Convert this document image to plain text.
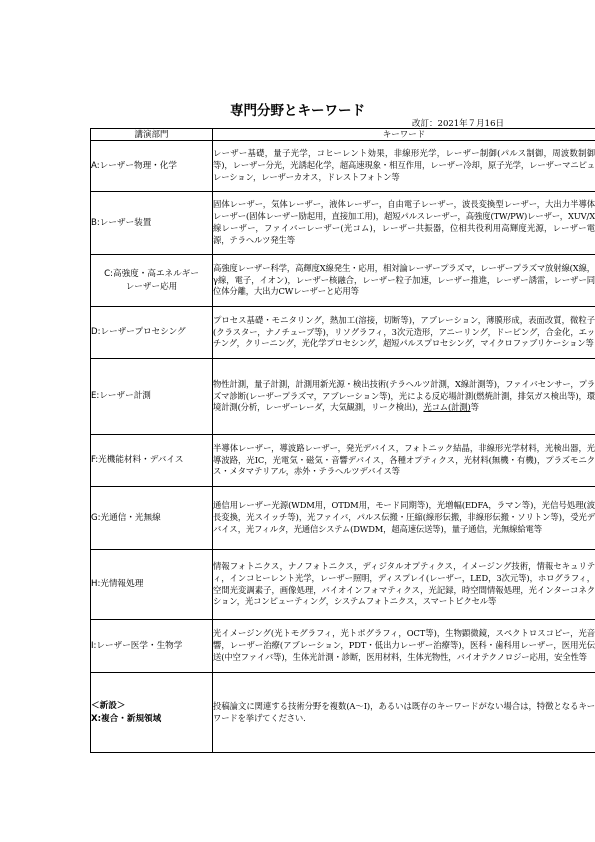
専門分野とキーワード
改訂：2021年７月16日
講演部門	キーワード

A:レーザー物理・化学	レーザー基礎，量子光学，コヒーレント効果，非線形光学，レーザー制御(パルス制御，周波数制御等)，レーザー分光，光誘起化学，超高速現象・相互作用，レーザー冷却，原子光学，レーザーマニピュレーション，レーザーカオス，ドレストフォトン等

B:レーザー装置	固体レーザー，気体レーザー，液体レーザー，自由電子レーザー，波長変換型レーザー，大出力半導体レーザー(固体レーザー励起用，直接加工用)，超短パルスレーザー，高強度(TW/PW)レーザー，XUV/X線レーザー，ファイバーレーザー(光コム)，レーザー共振器，位相共役利用高輝度光源，レーザー電源，テラヘルツ発生等

C:高強度・高エネルギー
レーザー応用	高強度レーザー科学，高輝度X線発生・応用，相対論レーザープラズマ，レーザープラズマ放射線(X線，γ線，電子，イオン)，レーザー核融合，レーザー粒子加速，レーザー推進，レーザー誘雷，レーザー同位体分離，大出力CWレーザーと応用等

D:レーザープロセシング	プロセス基礎・モニタリング，熱加工(溶接，切断等)，アブレーション，薄膜形成，表面改質，微粒子(クラスター，ナノチューブ等)，リソグラフィ，3次元造形，アニーリング，ドーピング，合金化，エッチング，クリーニング，光化学プロセシング，超短パルスプロセシング，マイクロファブリケーション等

E:レーザー計測	物性計測，量子計測，計測用新光源・検出技術(テラヘルツ計測，X線計測等)，ファイバセンサー，プラズマ診断(レーザープラズマ，アブレーション等)，光による反応場計測(燃焼計測，排気ガス検出等)，環境計測(分析，レーザーレーダ，大気観測，リーク検出)，光コム(計測)等

F:光機能材料・デバイス	半導体レーザー，導波路レーザー，発光デバイス，フォトニック結晶，非線形光学材料，光検出器，光導波路，光IC，光電気・磁気・音響デバイス，各種オプティクス，光材料(無機・有機)，プラズモニクス・メタマテリアル，赤外・テラヘルツデバイス等

G:光通信・光無線	通信用レーザー光源(WDM用，OTDM用，モード同期等)，光増幅(EDFA，ラマン等)，光信号処理(波長変換，光スイッチ等)，光ファイバ，パルス伝搬・圧縮(線形伝搬，非線形伝搬・ソリトン等)，受光デバイス，光フィルタ，光通信システム(DWDM，超高速伝送等)，量子通信，光無線給電等

H:光情報処理	情報フォトニクス，ナノフォトニクス，ディジタルオプティクス，イメージング技術，情報セキュリティ，インコヒーレント光学，レーザー照明，ディスプレイ(レーザー，LED，3次元等)，ホログラフィ，空間光変調素子，画像処理，バイオインフォマティクス，光記録，時空間情報処理，光インターコネクション，光コンピューティング，システムフォトニクス，スマートピクセル等

I:レーザー医学・生物学	光イメージング(光トモグラフィ，光トポグラフィ，OCT等)，生物顕微鏡，スペクトロスコピー，光音響，レーザー治療(アブレーション，PDT・低出力レーザー治療等)，医科・歯科用レーザー，医用光伝送(中空ファイバ等)，生体光計測・診断，医用材料，生体光物性，バイオテクノロジー応用，安全性等

＜新設＞
X:複合・新規領域	投稿論文に関連する技術分野を複数(A〜I)，あるいは既存のキーワードがない場合は，特徴となるキーワードを挙げてください．
